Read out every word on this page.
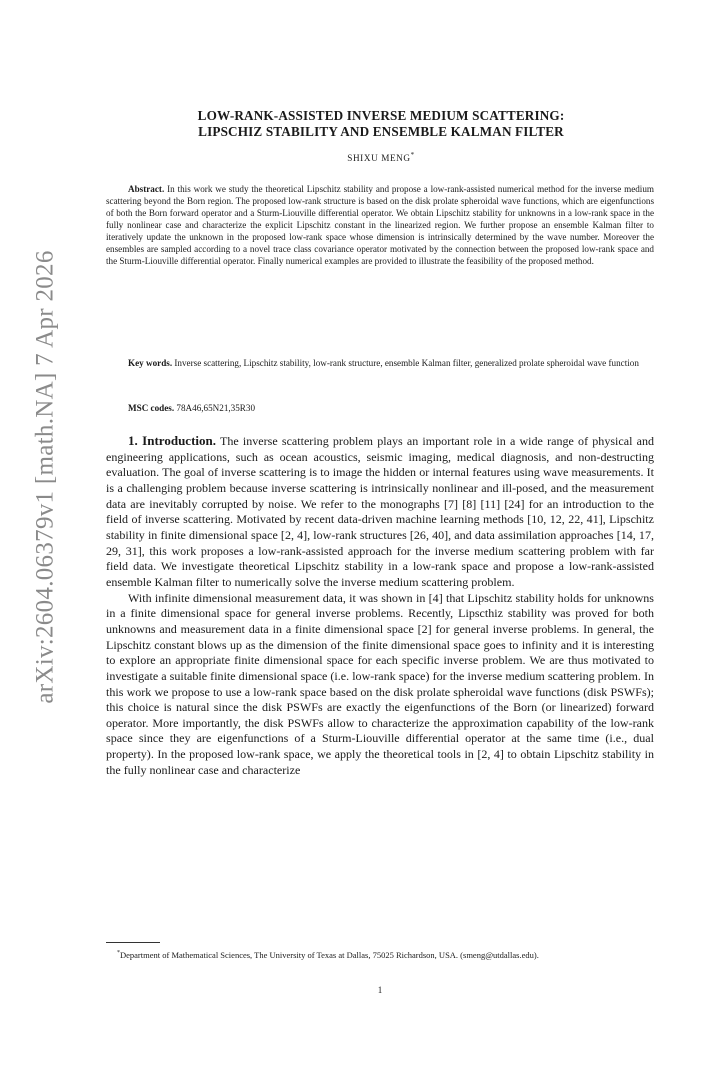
arXiv:2604.06379v1 [math.NA] 7 Apr 2026
LOW-RANK-ASSISTED INVERSE MEDIUM SCATTERING:
LIPSCHIZ STABILITY AND ENSEMBLE KALMAN FILTER
SHIXU MENG*

Abstract. In this work we study the theoretical Lipschitz stability and propose a low-rank-assisted numerical method for the inverse medium scattering beyond the Born region. The proposed low-rank structure is based on the disk prolate spheroidal wave functions, which are eigenfunctions of both the Born forward operator and a Sturm-Liouville differential operator. We obtain Lipschitz stability for unknowns in a low-rank space in the fully nonlinear case and characterize the explicit Lipschitz constant in the linearized region. We further propose an ensemble Kalman filter to iteratively update the unknown in the proposed low-rank space whose dimension is intrinsically determined by the wave number. Moreover the ensembles are sampled according to a novel trace class covariance operator motivated by the connection between the proposed low-rank space and the Sturm-Liouville differential operator. Finally numerical examples are provided to illustrate the feasibility of the proposed method.

Key words. Inverse scattering, Lipschitz stability, low-rank structure, ensemble Kalman filter, generalized prolate spheroidal wave function

MSC codes. 78A46,65N21,35R30

1. Introduction. The inverse scattering problem plays an important role in a wide range of physical and engineering applications, such as ocean acoustics, seismic imaging, medical diagnosis, and non-destructing evaluation. The goal of inverse scattering is to image the hidden or internal features using wave measurements. It is a challenging problem because inverse scattering is intrinsically nonlinear and ill-posed, and the measurement data are inevitably corrupted by noise. We refer to the monographs [7] [8] [11] [24] for an introduction to the field of inverse scattering. Motivated by recent data-driven machine learning methods [10, 12, 22, 41], Lipschitz stability in finite dimensional space [2, 4], low-rank structures [26, 40], and data assimilation approaches [14, 17, 29, 31], this work proposes a low-rank-assisted approach for the inverse medium scattering problem with far field data. We investigate theoretical Lipschitz stability in a low-rank space and propose a low-rank-assisted ensemble Kalman filter to numerically solve the inverse medium scattering problem.

With infinite dimensional measurement data, it was shown in [4] that Lipschitz stability holds for unknowns in a finite dimensional space for general inverse problems. Recently, Lipscthiz stability was proved for both unknowns and measurement data in a finite dimensional space [2] for general inverse problems. In general, the Lipschitz constant blows up as the dimension of the finite dimensional space goes to infinity and it is interesting to explore an appropriate finite dimensional space for each specific inverse problem. We are thus motivated to investigate a suitable finite dimensional space (i.e. low-rank space) for the inverse medium scattering problem. In this work we propose to use a low-rank space based on the disk prolate spheroidal wave functions (disk PSWFs); this choice is natural since the disk PSWFs are exactly the eigenfunctions of the Born (or linearized) forward operator. More importantly, the disk PSWFs allow to characterize the approximation capability of the low-rank space since they are eigenfunctions of a Sturm-Liouville differential operator at the same time (i.e., dual property). In the proposed low-rank space, we apply the theoretical tools in [2, 4] to obtain Lipschitz stability in the fully nonlinear case and characterize

*Department of Mathematical Sciences, The University of Texas at Dallas, 75025 Richardson, USA. (smeng@utdallas.edu).

1
